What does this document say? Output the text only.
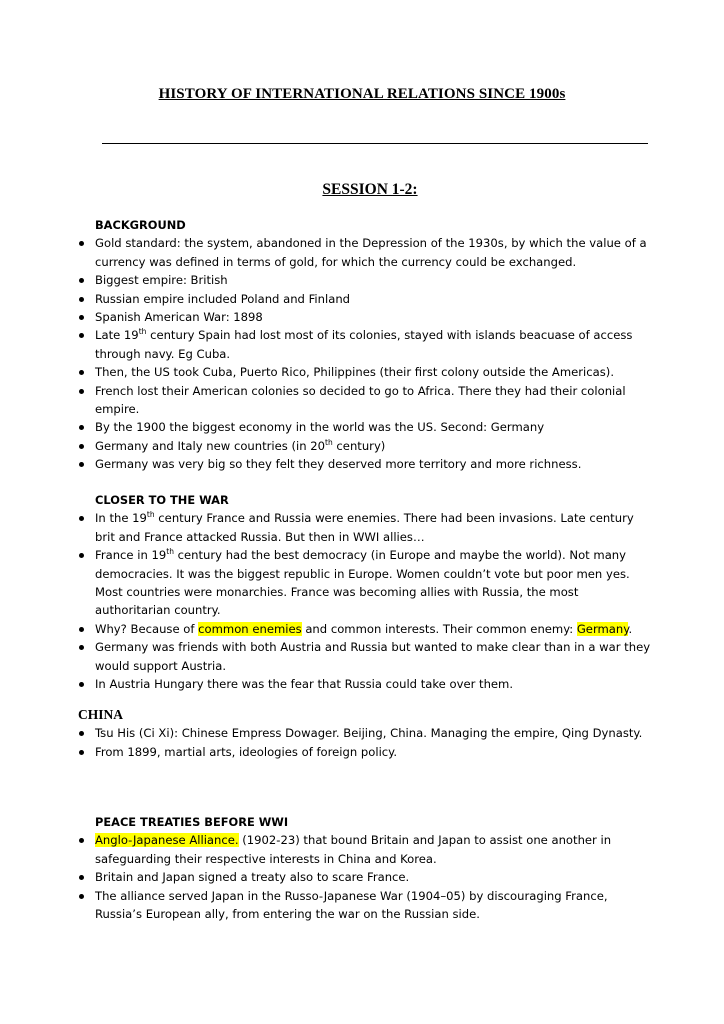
HISTORY OF INTERNATIONAL RELATIONS SINCE 1900s
SESSION 1-2:
BACKGROUND
Gold standard: the system, abandoned in the Depression of the 1930s, by which the value of a currency was defined in terms of gold, for which the currency could be exchanged.
Biggest empire: British
Russian empire included Poland and Finland
Spanish American War: 1898
Late 19th century Spain had lost most of its colonies, stayed with islands beacuase of access through navy. Eg Cuba.
Then, the US took Cuba, Puerto Rico, Philippines (their first colony outside the Americas).
French lost their American colonies so decided to go to Africa. There they had their colonial empire.
By the 1900 the biggest economy in the world was the US. Second: Germany
Germany and Italy new countries (in 20th century)
Germany was very big so they felt they deserved more territory and more richness.
CLOSER TO THE WAR
In the 19th century France and Russia were enemies. There had been invasions. Late century brit and France attacked Russia. But then in WWI allies…
France in 19th century had the best democracy (in Europe and maybe the world). Not many democracies. It was the biggest republic in Europe. Women couldn’t vote but poor men yes. Most countries were monarchies. France was becoming allies with Russia, the most authoritarian country.
Why? Because of common enemies and common interests. Their common enemy: Germany.
Germany was friends with both Austria and Russia but wanted to make clear than in a war they would support Austria.
In Austria Hungary there was the fear that Russia could take over them.
CHINA
Tsu His (Ci Xi): Chinese Empress Dowager. Beijing, China. Managing the empire, Qing Dynasty.
From 1899, martial arts, ideologies of foreign policy.
PEACE TREATIES BEFORE WWI
Anglo-Japanese Alliance. (1902-23) that bound Britain and Japan to assist one another in safeguarding their respective interests in China and Korea.
Britain and Japan signed a treaty also to scare France.
The alliance served Japan in the Russo-Japanese War (1904–05) by discouraging France, Russia’s European ally, from entering the war on the Russian side.
